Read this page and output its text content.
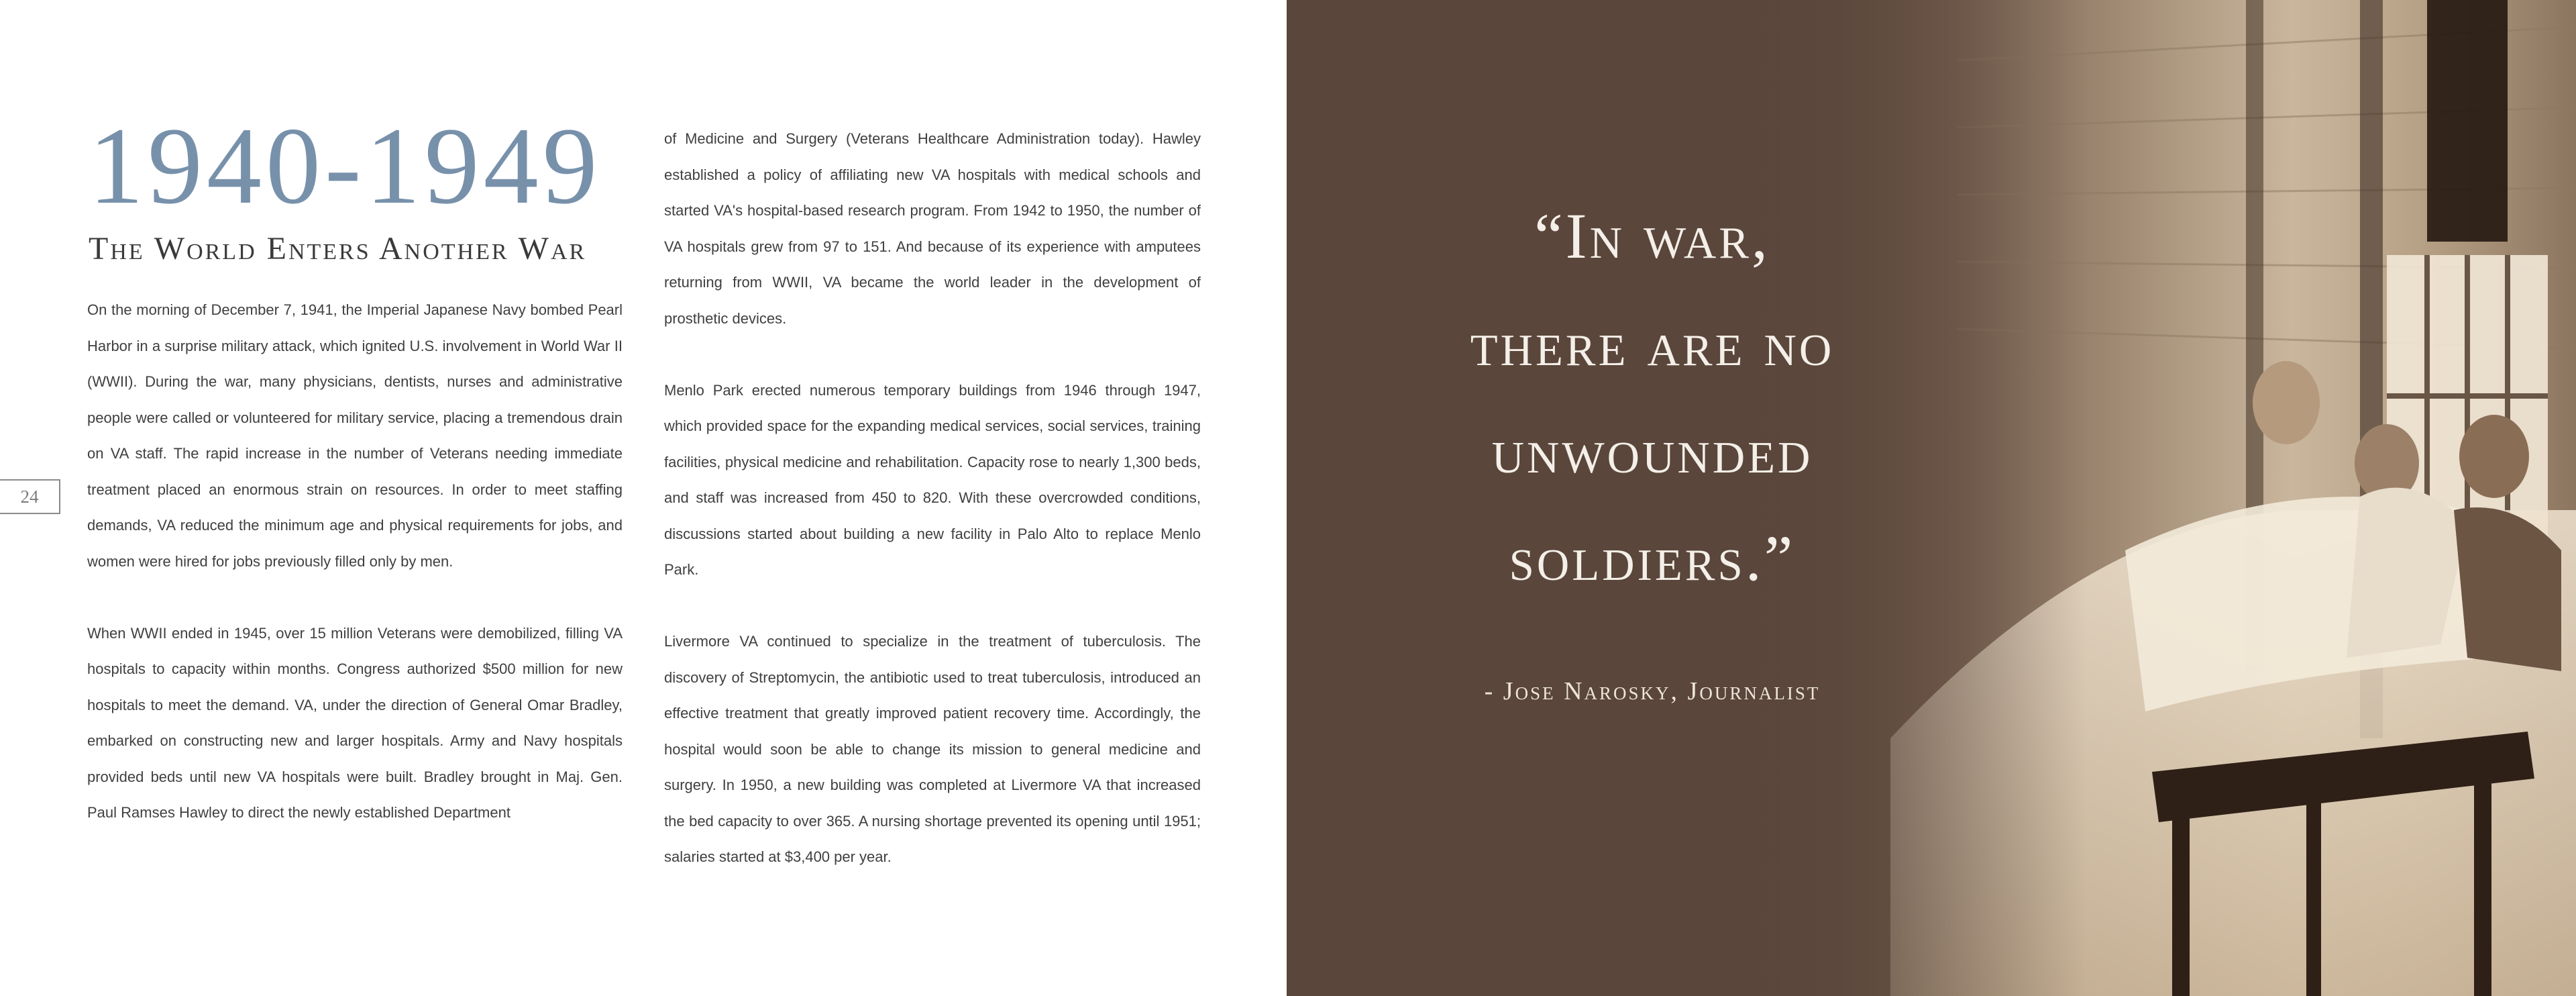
24
1940-1949
The World Enters Another War

On the morning of December 7, 1941, the Imperial Japanese Navy bombed Pearl Harbor in a surprise military attack, which ignited U.S. involvement in World War II (WWII). During the war, many physicians, dentists, nurses and administrative people were called or volunteered for military service, placing a tremendous drain on VA staff. The rapid increase in the number of Veterans needing immediate treatment placed an enormous strain on resources. In order to meet staffing demands, VA reduced the minimum age and physical requirements for jobs, and women were hired for jobs previously filled only by men.

When WWII ended in 1945, over 15 million Veterans were demobilized, filling VA hospitals to capacity within months. Congress authorized $500 million for new hospitals to meet the demand. VA, under the direction of General Omar Bradley, embarked on constructing new and larger hospitals. Army and Navy hospitals provided beds until new VA hospitals were built. Bradley brought in Maj. Gen. Paul Ramses Hawley to direct the newly established Department

of Medicine and Surgery (Veterans Healthcare Administration today). Hawley established a policy of affiliating new VA hospitals with medical schools and started VA's hospital-based research program. From 1942 to 1950, the number of VA hospitals grew from 97 to 151. And because of its experience with amputees returning from WWII, VA became the world leader in the development of prosthetic devices.

Menlo Park erected numerous temporary buildings from 1946 through 1947, which provided space for the expanding medical services, social services, training facilities, physical medicine and rehabilitation. Capacity rose to nearly 1,300 beds, and staff was increased from 450 to 820. With these overcrowded conditions, discussions started about building a new facility in Palo Alto to replace Menlo Park.

Livermore VA continued to specialize in the treatment of tuberculosis. The discovery of Streptomycin, the antibiotic used to treat tuberculosis, introduced an effective treatment that greatly improved patient recovery time. Accordingly, the hospital would soon be able to change its mission to general medicine and surgery. In 1950, a new building was completed at Livermore VA that increased the bed capacity to over 365. A nursing shortage prevented its opening until 1951; salaries started at $3,400 per year.

“In war,
there are no
unwounded
soldiers.”
- Jose Narosky, Journalist
